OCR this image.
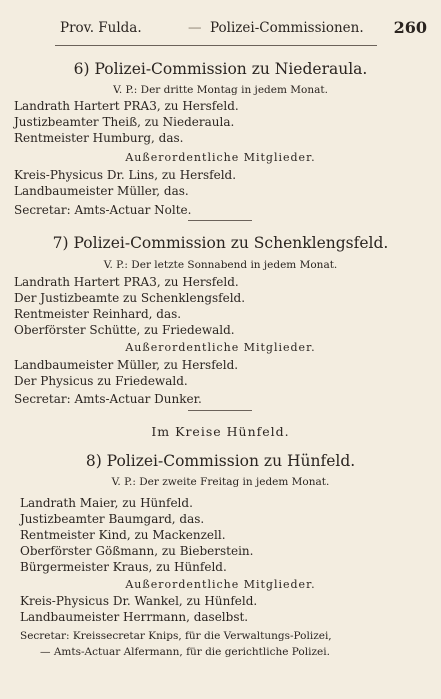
Prov. Fulda.	— Polizei-Commissionen. 260
6) Polizei-Commission zu Niederaula.
V. P.: Der dritte Montag in jedem Monat.
Landrath Hartert PRA3, zu Hersfeld.
Justizbeamter Theiß, zu Niederaula.
Rentmeister Humburg, das.
Außerordentliche Mitglieder.
Kreis-Physicus Dr. Lins, zu Hersfeld.
Landbaumeister Müller, das.
Secretar: Amts-Actuar Nolte.
7) Polizei-Commission zu Schenklengsfeld.
V. P.: Der letzte Sonnabend in jedem Monat.
Landrath Hartert PRA3, zu Hersfeld.
Der Justizbeamte zu Schenklengsfeld.
Rentmeister Reinhard, das.
Oberförster Schütte, zu Friedewald.
Außerordentliche Mitglieder.
Landbaumeister Müller, zu Hersfeld.
Der Physicus zu Friedewald.
Secretar: Amts-Actuar Dunker.
Im Kreise Hünfeld.
8) Polizei-Commission zu Hünfeld.
V. P.: Der zweite Freitag in jedem Monat.
Landrath Maier, zu Hünfeld.
Justizbeamter Baumgard, das.
Rentmeister Kind, zu Mackenzell.
Oberförster Gößmann, zu Bieberstein.
Bürgermeister Kraus, zu Hünfeld.
Außerordentliche Mitglieder.
Kreis-Physicus Dr. Wankel, zu Hünfeld.
Landbaumeister Herrmann, daselbst.
Secretar: Kreissecretar Knips, für die Verwaltungs-Polizei,
— Amts-Actuar Alfermann, für die gerichtliche Polizei.
